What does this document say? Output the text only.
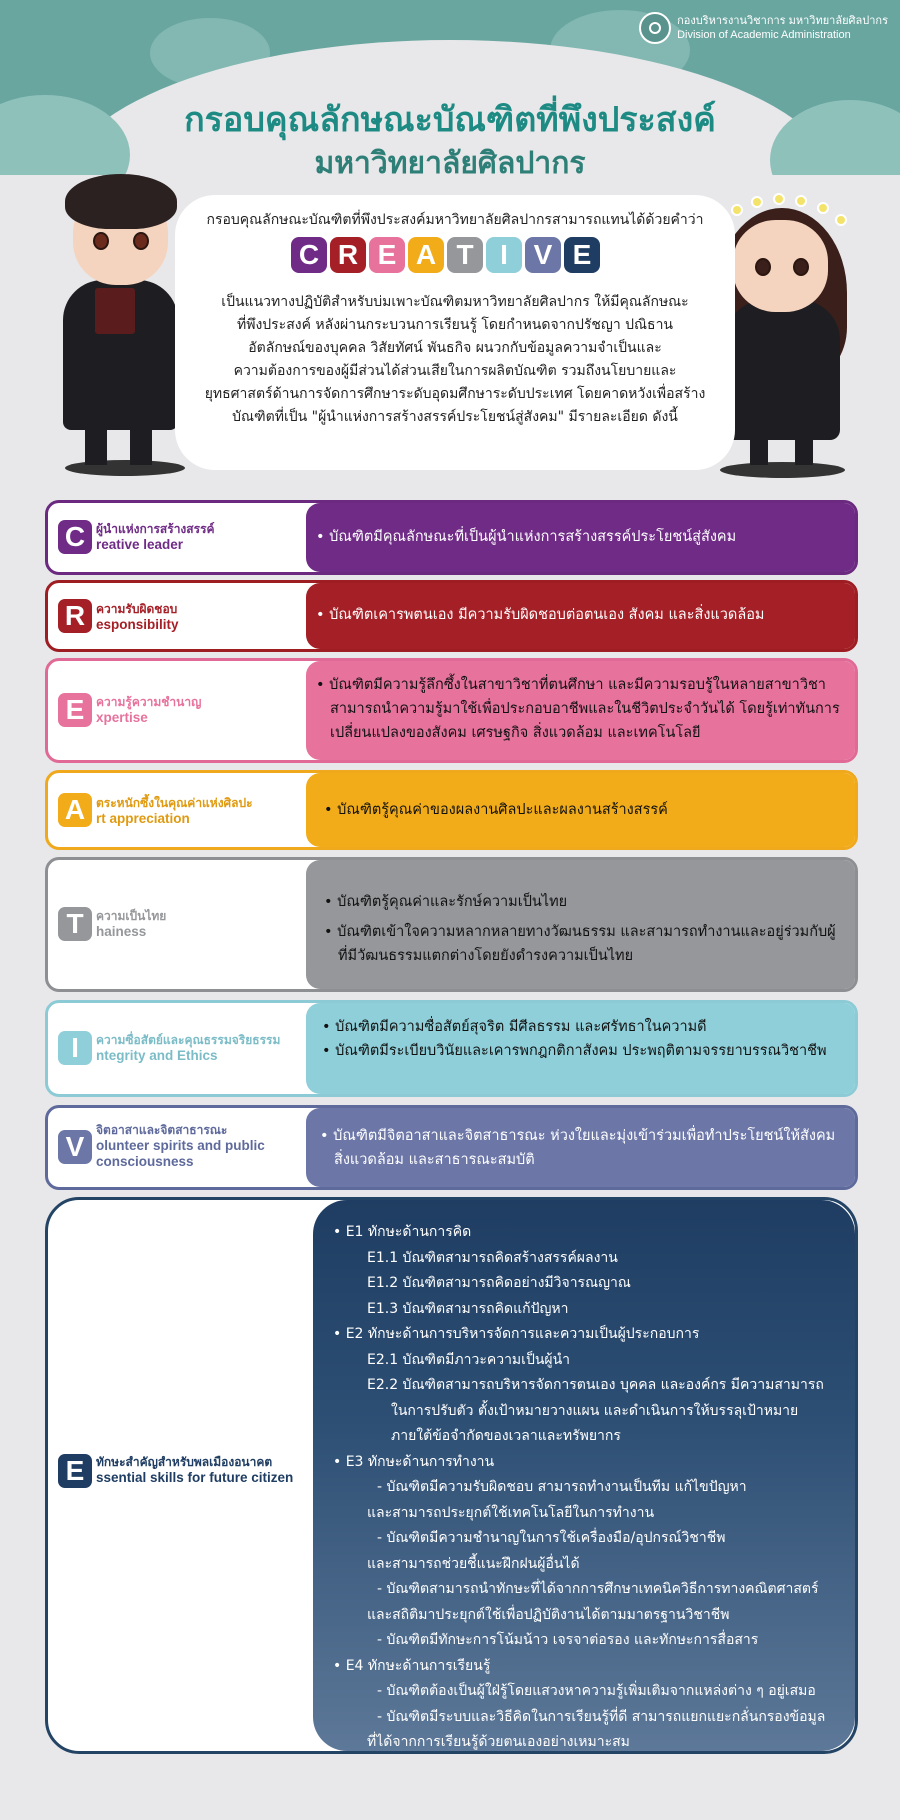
กองบริหารงานวิชาการ มหาวิทยาลัยศิลปากร
Division of Academic Administration
กรอบคุณลักษณะบัณฑิตที่พึงประสงค์
มหาวิทยาลัยศิลปากร
กรอบคุณลักษณะบัณฑิตที่พึงประสงค์มหาวิทยาลัยศิลปากรสามารถแทนได้ด้วยคำว่า
C R E A T I V E
เป็นแนวทางปฏิบัติสำหรับบ่มเพาะบัณฑิตมหาวิทยาลัยศิลปากร ให้มีคุณลักษณะ
ที่พึงประสงค์ หลังผ่านกระบวนการเรียนรู้ โดยกำหนดจากปรัชญา ปณิธาน
อัตลักษณ์ของบุคคล วิสัยทัศน์ พันธกิจ ผนวกกับข้อมูลความจำเป็นและ
ความต้องการของผู้มีส่วนได้ส่วนเสียในการผลิตบัณฑิต รวมถึงนโยบายและ
ยุทธศาสตร์ด้านการจัดการศึกษาระดับอุดมศึกษาระดับประเทศ โดยคาดหวังเพื่อสร้าง
บัณฑิตที่เป็น "ผู้นำแห่งการสร้างสรรค์ประโยชน์สู่สังคม" มีรายละเอียด ดังนี้
C ผู้นำแห่งการสร้างสรรค์
reative leader	• บัณฑิตมีคุณลักษณะที่เป็นผู้นำแห่งการสร้างสรรค์ประโยชน์สู่สังคม
R ความรับผิดชอบ
esponsibility
• บัณฑิตเคารพตนเอง มีความรับผิดชอบต่อตนเอง สังคม และสิ่งแวดล้อม
E ความรู้ความชำนาญ
xpertise
• บัณฑิตมีความรู้ลึกซึ้งในสาขาวิชาที่ตนศึกษา และมีความรอบรู้ในหลายสาขาวิชา สามารถนำความรู้มาใช้เพื่อประกอบอาชีพและในชีวิตประจำวันได้ โดยรู้เท่าทันการเปลี่ยนแปลงของสังคม เศรษฐกิจ สิ่งแวดล้อม และเทคโนโลยี
A ตระหนักซึ้งในคุณค่าแห่งศิลปะ
rt appreciation
• บัณฑิตรู้คุณค่าของผลงานศิลปะและผลงานสร้างสรรค์
T	ความเป็นไทย
hainess
• บัณฑิตรู้คุณค่าและรักษ์ความเป็นไทย
• บัณฑิตเข้าใจความหลากหลายทางวัฒนธรรม และสามารถทำงานและอยู่ร่วมกับผู้ที่มีวัฒนธรรมแตกต่างโดยยังดำรงความเป็นไทย
I	ความซื่อสัตย์และคุณธรรมจริยธรรม
ntegrity and Ethics
• บัณฑิตมีความซื่อสัตย์สุจริต มีศีลธรรม และศรัทธาในความดี
• บัณฑิตมีระเบียบวินัยและเคารพกฎกติกาสังคม ประพฤติตามจรรยาบรรณวิชาชีพ
V
จิตอาสาและจิตสาธารณะ
olunteer spirits and public consciousness
• บัณฑิตมีจิตอาสาและจิตสาธารณะ ห่วงใยและมุ่งเข้าร่วมเพื่อทำประโยชน์ให้สังคม สิ่งแวดล้อม และสาธารณะสมบัติ
E ทักษะสำคัญสำหรับพลเมืองอนาคต
ssential skills for future citizen
• E1 ทักษะด้านการคิด
E1.1 บัณฑิตสามารถคิดสร้างสรรค์ผลงาน
E1.2 บัณฑิตสามารถคิดอย่างมีวิจารณญาณ
E1.3 บัณฑิตสามารถคิดแก้ปัญหา
• E2 ทักษะด้านการบริหารจัดการและความเป็นผู้ประกอบการ
E2.1 บัณฑิตมีภาวะความเป็นผู้นำ
E2.2 บัณฑิตสามารถบริหารจัดการตนเอง บุคคล และองค์กร มีความสามารถ
ในการปรับตัว ตั้งเป้าหมายวางแผน และดำเนินการให้บรรลุเป้าหมาย
ภายใต้ข้อจำกัดของเวลาและทรัพยากร
• E3 ทักษะด้านการทำงาน
- บัณฑิตมีความรับผิดชอบ สามารถทำงานเป็นทีม แก้ไขปัญหา
และสามารถประยุกต์ใช้เทคโนโลยีในการทำงาน
- บัณฑิตมีความชำนาญในการใช้เครื่องมือ/อุปกรณ์วิชาชีพ
และสามารถช่วยชี้แนะฝึกฝนผู้อื่นได้
- บัณฑิตสามารถนำทักษะที่ได้จากการศึกษาเทคนิควิธีการทางคณิตศาสตร์
และสถิติมาประยุกต์ใช้เพื่อปฏิบัติงานได้ตามมาตรฐานวิชาชีพ
- บัณฑิตมีทักษะการโน้มน้าว เจรจาต่อรอง และทักษะการสื่อสาร
• E4 ทักษะด้านการเรียนรู้
- บัณฑิตต้องเป็นผู้ใฝ่รู้โดยแสวงหาความรู้เพิ่มเติมจากแหล่งต่าง ๆ อยู่เสมอ
- บัณฑิตมีระบบและวิธีคิดในการเรียนรู้ที่ดี สามารถแยกแยะกลั่นกรองข้อมูล
ที่ได้จากการเรียนรู้ด้วยตนเองอย่างเหมาะสม
